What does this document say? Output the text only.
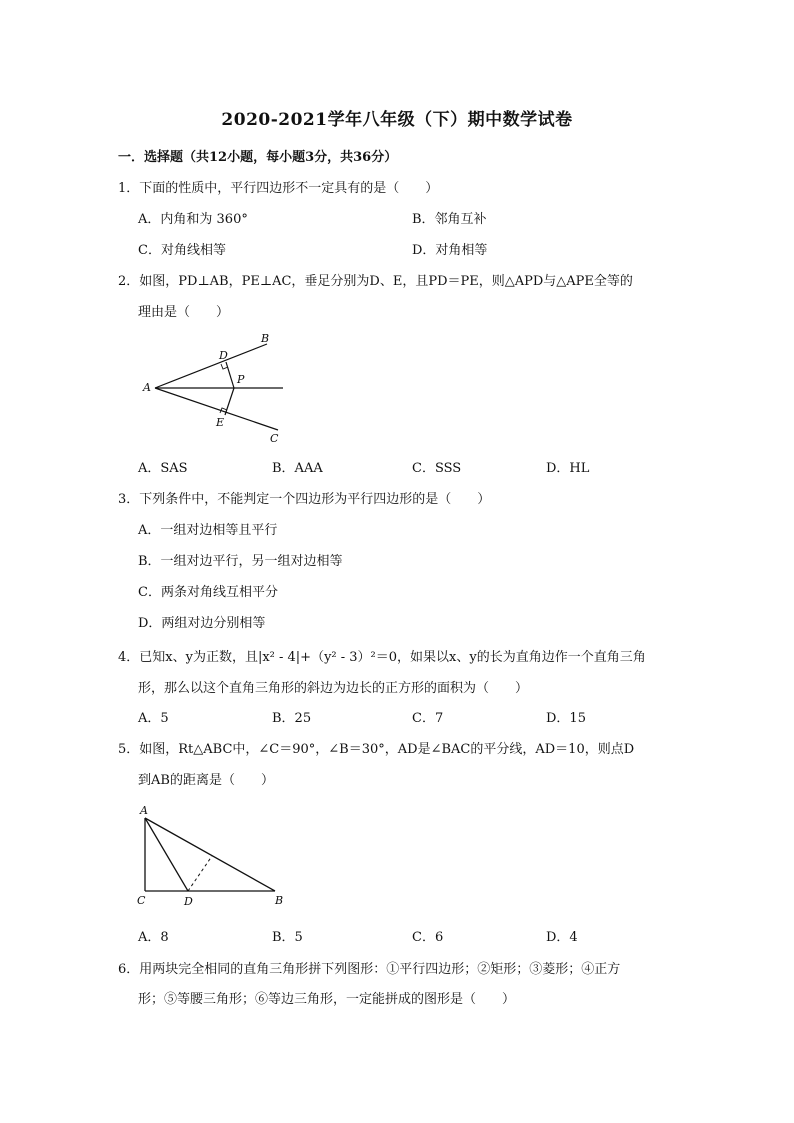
2020-2021学年八年级（下）期中数学试卷
一．选择题（共12小题，每小题3分，共36分）
1．下面的性质中，平行四边形不一定具有的是（　　）
A．内角和为 360°	B．邻角互补
C．对角线相等	D．对角相等
2．如图，PD⊥AB，PE⊥AC，垂足分别为D、E，且PD＝PE，则△APD与△APE全等的
理由是（　　）
A
B
C
D
E
P
A．SAS	B．AAA	C．SSS	D．HL
3．下列条件中，不能判定一个四边形为平行四边形的是（　　）
A．一组对边相等且平行
B．一组对边平行，另一组对边相等
C．两条对角线互相平分
D．两组对边分别相等
4．已知x、y为正数，且|x² - 4|+（y² - 3）²＝0，如果以x、y的长为直角边作一个直角三角
形，那么以这个直角三角形的斜边为边长的正方形的面积为（　　）
A．5	B．25	C．7	D．15
5．如图，Rt△ABC中，∠C＝90°，∠B＝30°，AD是∠BAC的平分线，AD＝10，则点D
到AB的距离是（　　）
A
C	D	B
A．8	B．5	C．6	D．4
6．用两块完全相同的直角三角形拼下列图形：①平行四边形；②矩形；③菱形；④正方
形；⑤等腰三角形；⑥等边三角形，一定能拼成的图形是（　　）
